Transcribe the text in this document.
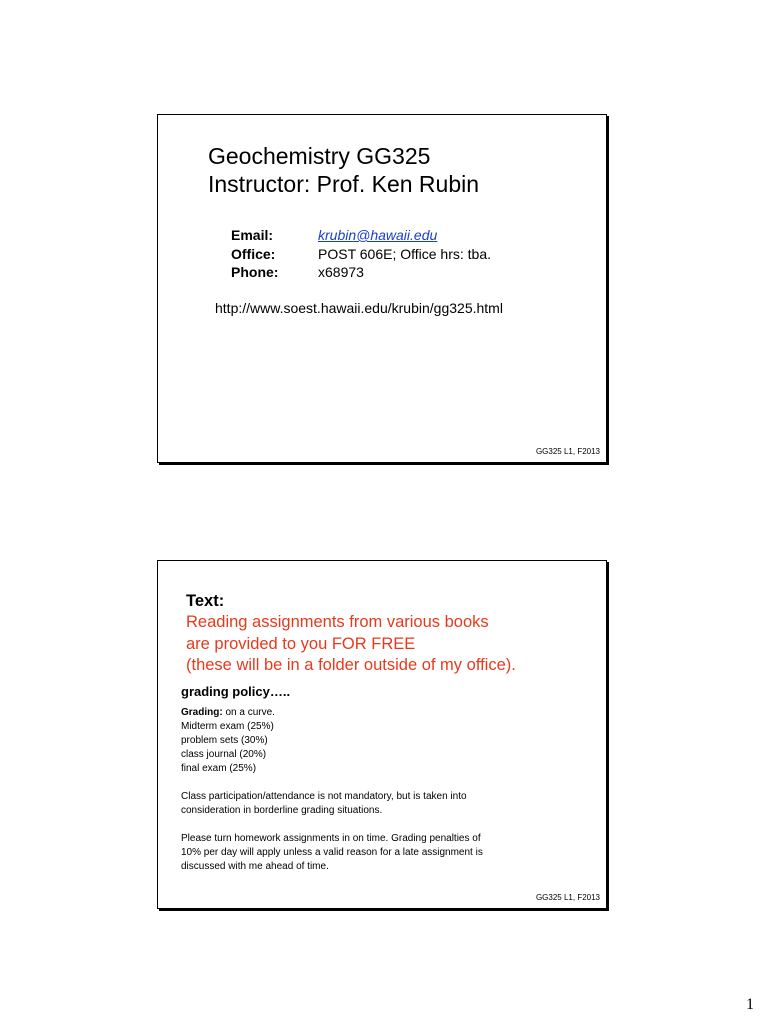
Geochemistry GG325
Instructor: Prof. Ken Rubin
Email:	krubin@hawaii.edu
Office:	POST 606E; Office hrs: tba.
Phone:	x68973
http://www.soest.hawaii.edu/krubin/gg325.html
GG325 L1, F2013
Text:
Reading assignments from various books
are provided to you FOR FREE
(these will be in a folder outside of my office).
grading policy…..

Grading: on a curve.

Midterm exam (25%)

problem sets (30%)

class journal (20%)

final exam (25%)

Class participation/attendance is not mandatory, but is taken into

consideration in borderline grading situations.

Please turn homework assignments in on time. Grading penalties of

10% per day will apply unless a valid reason for a late assignment is

discussed with me ahead of time.

GG325 L1, F2013
1
